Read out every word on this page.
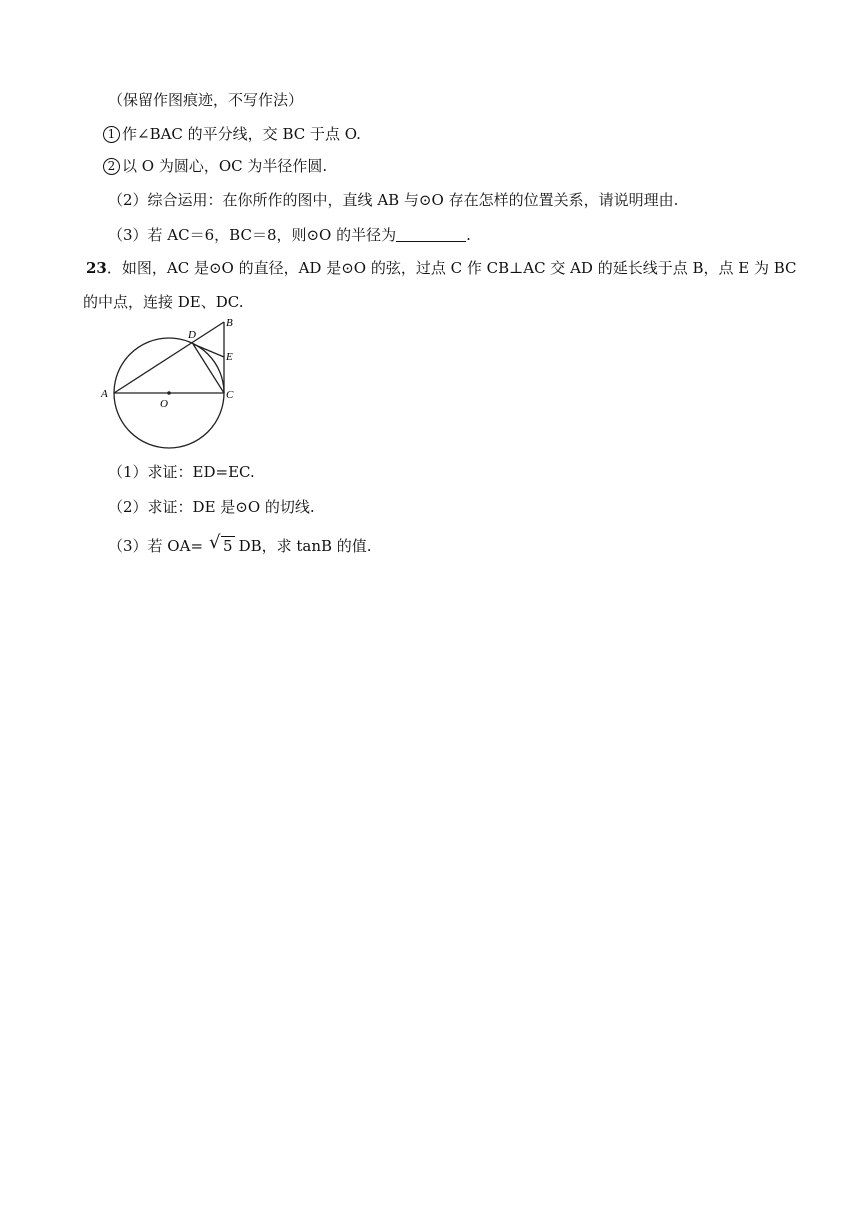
（保留作图痕迹，不写作法）
1 作∠BAC 的平分线，交 BC 于点 O.
2 以 O 为圆心，OC 为半径作圆.
（2）综合运用：在你所作的图中，直线 AB 与⊙O 存在怎样的位置关系，请说明理由.
（3）若 AC＝6，BC＝8，则⊙O 的半径为	.
23．如图，AC 是⊙O 的直径，AD 是⊙O 的弦，过点 C 作 CB⊥AC 交 AD 的延长线于点 B，点 E 为 BC
的中点，连接 DE、DC.
A
B
C
D
E
O
（1）求证：ED=EC.
（2）求证：DE 是⊙O 的切线.
（3）若 OA= √ 5 DB，求 tanB 的值.
